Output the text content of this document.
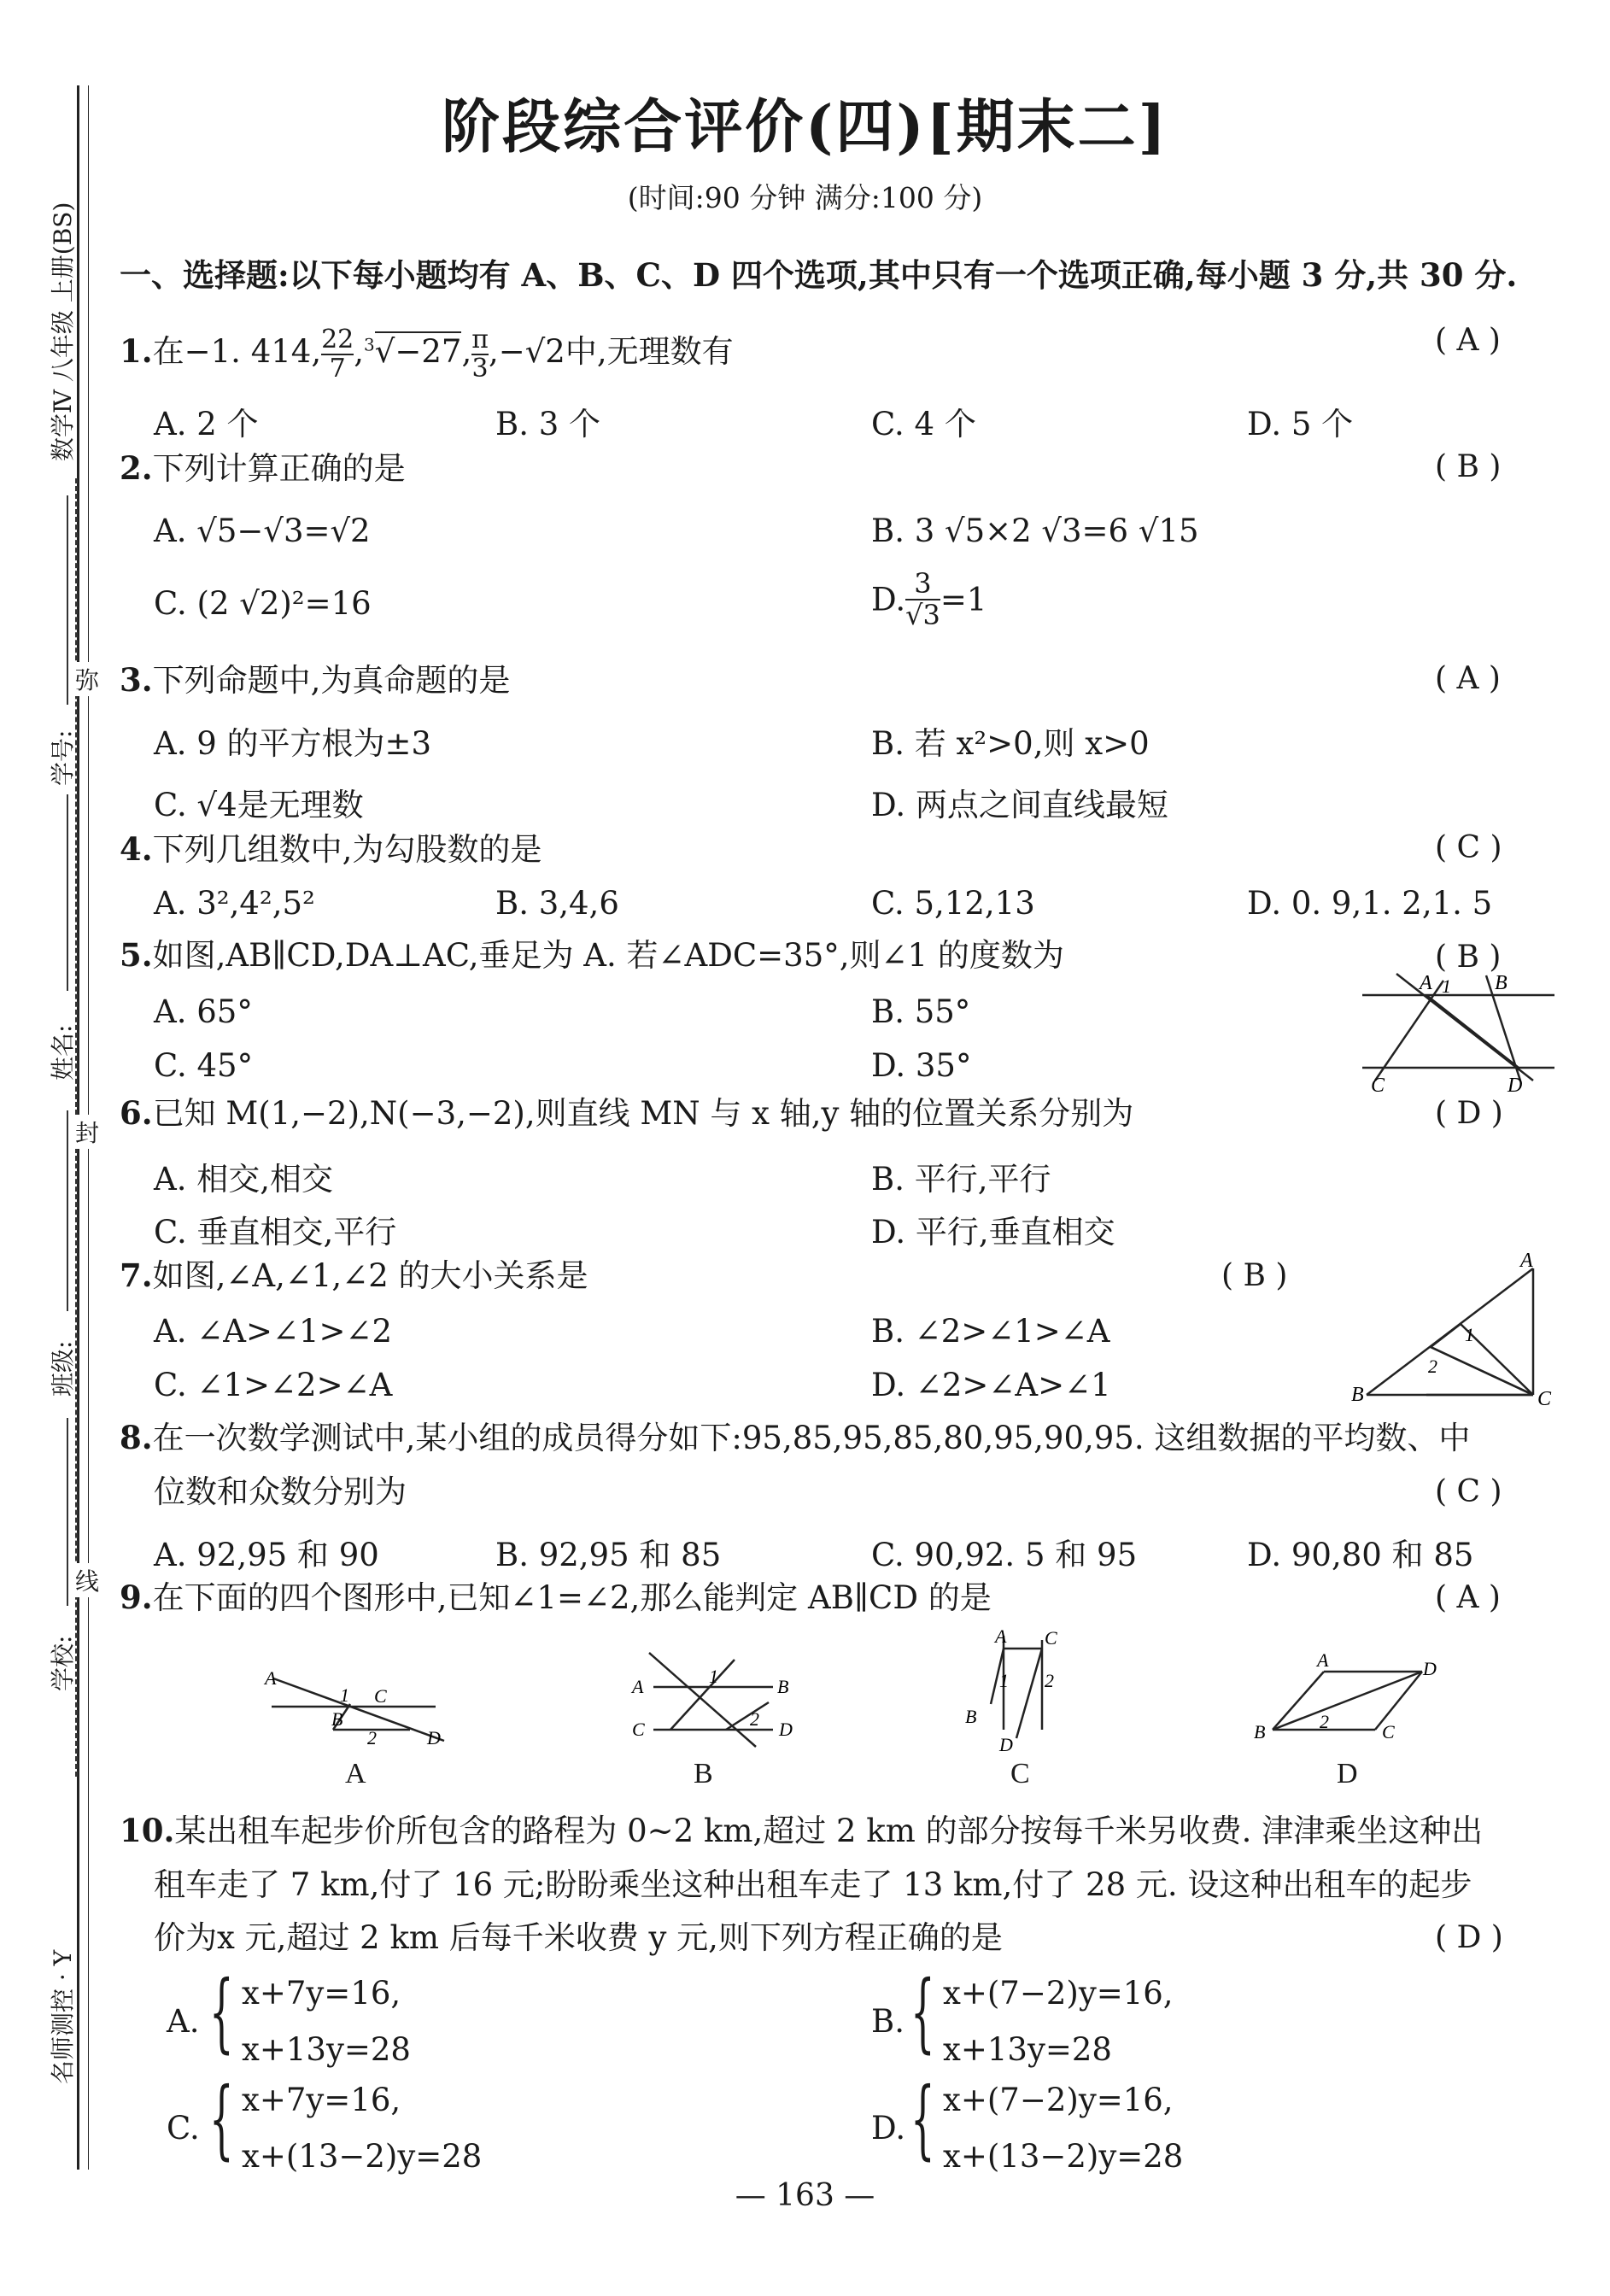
数学Ⅳ 八年级 上册(BS)
学号:
姓名:
班级:
学校:
弥
封
线
名师测控 · Y
阶段综合评价(四)[期末二]
(时间:90 分钟 满分:100 分)
一、选择题:以下每小题均有 A、B、C、D 四个选项,其中只有一个选项正确,每小题 3 分,共 30 分.
1.在−1. 414, $\frac{22}{7} ,^3√-27$, $\frac{\pi}{3} ,-√2$中,无理数有	( A )
A. 2 个	B. 3 个	C. 4 个	D. 5 个
2.下列计算正确的是	( B )
A. √5−√3=√2	B. 3 √5×2 √3=6 √15
C. (2 √2)²=16	D. $\frac{3}{√3} =1$
3.下列命题中,为真命题的是	( A )
A. 9 的平方根为±3	B. 若 x²>0,则 x>0
C. √4是无理数	D. 两点之间直线最短
4.下列几组数中,为勾股数的是	( C )
A. 3²,4²,5²	B. 3,4,6	C. 5,12,13	D. 0. 9,1. 2,1. 5
5.如图,AB∥CD,DA⊥AC,垂足为 A. 若∠ADC=35°,则∠1 的度数为	( B )
A. 65°	B. 55°
C. 45°	D. 35°
A 1 B
C	D
6.已知 M(1,−2),N(−3,−2),则直线 MN 与 x 轴,y 轴的位置关系分别为	( D )
A. 相交,相交	B. 平行,平行
C. 垂直相交,平行	D. 平行,垂直相交
7.如图,∠A,∠1,∠2 的大小关系是	( B )
A. ∠A>∠1>∠2	B. ∠2>∠1>∠A
C. ∠1>∠2>∠A	D. ∠2>∠A>∠1
A
1
2
B	C
8.在一次数学测试中,某小组的成员得分如下:95,85,95,85,80,95,90,95. 这组数据的平均数、中
位数和众数分别为	( C )
A. 92,95 和 90	B. 92,95 和 85	C. 90,92. 5 和 95	D. 90,80 和 85
9.在下面的四个图形中,已知∠1=∠2,那么能判定 AB∥CD 的是	( A )
A
1 C
B
2	D
A
A	1	B
C	2 D
B
A C
1 2
B
D
C
A	D
B	2	C
D
10.某出租车起步价所包含的路程为 0~2 km,超过 2 km 的部分按每千米另收费. 津津乘坐这种出
租车走了 7 km,付了 16 元;盼盼乘坐这种出租车走了 13 km,付了 28 元. 设这种出租车的起步
价为x 元,超过 2 km 后每千米收费 y 元,则下列方程正确的是	( D )
A. { x+7y=16,
x+13y=28
B. { x+(7−2)y=16,
x+13y=28
C. { x+7y=16,
x+(13−2)y=28
D. { x+(7−2)y=16,
x+(13−2)y=28
— 163 —
